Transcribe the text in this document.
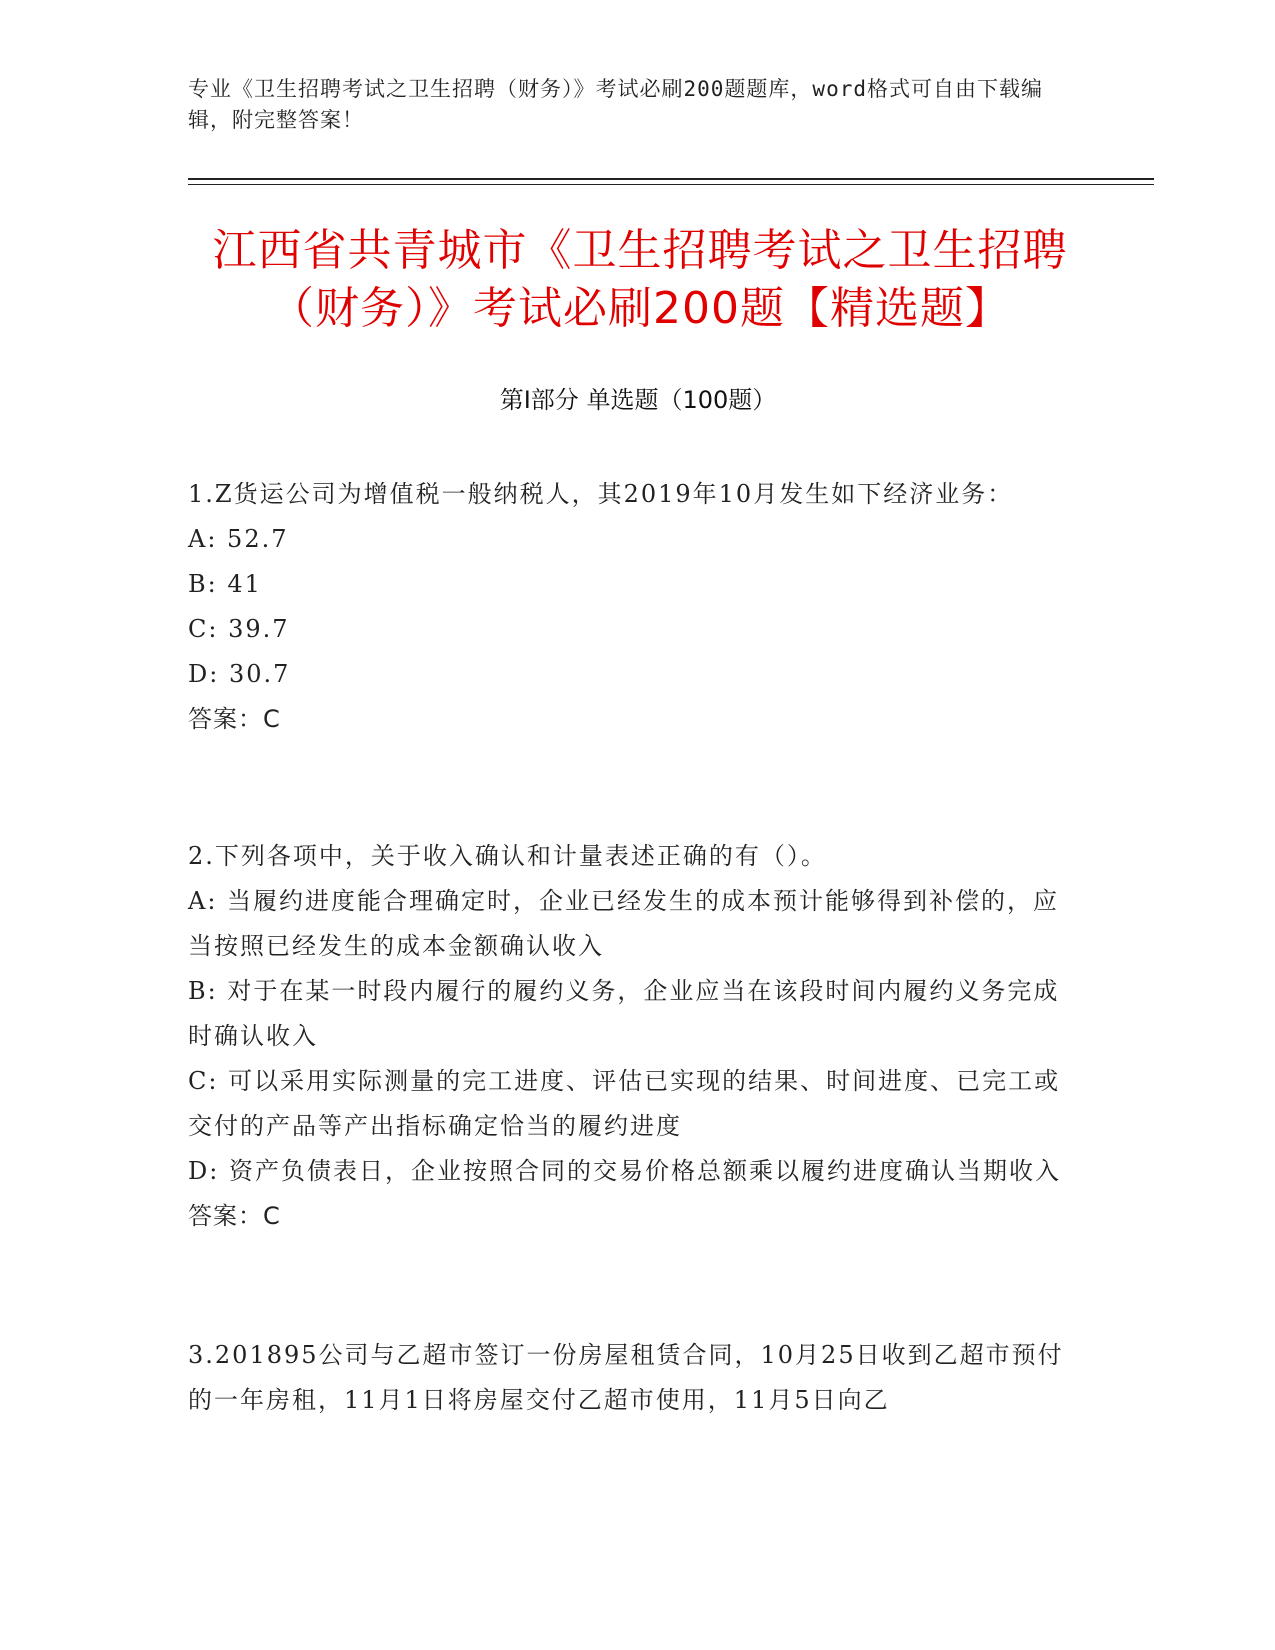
专业《卫生招聘考试之卫生招聘（财务）》考试必刷200题题库，word格式可自由下载编辑，附完整答案！
江西省共青城市《卫生招聘考试之卫生招聘（财务）》考试必刷200题【精选题】
第I部分 单选题（100题）

1.Z货运公司为增值税一般纳税人，其2019年10月发生如下经济业务：

A: 52.7

B: 41

C: 39.7

D: 30.7

答案：C

2.下列各项中，关于收入确认和计量表述正确的有（）。

A: 当履约进度能合理确定时，企业已经发生的成本预计能够得到补偿的，应当按照已经发生的成本金额确认收入

B: 对于在某一时段内履行的履约义务，企业应当在该段时间内履约义务完成时确认收入

C: 可以采用实际测量的完工进度、评估已实现的结果、时间进度、已完工或交付的产品等产出指标确定恰当的履约进度

D: 资产负债表日，企业按照合同的交易价格总额乘以履约进度确认当期收入

答案：C

3.201895公司与乙超市签订一份房屋租赁合同，10月25日收到乙超市预付的一年房租，11月1日将房屋交付乙超市使用，11月5日向乙
